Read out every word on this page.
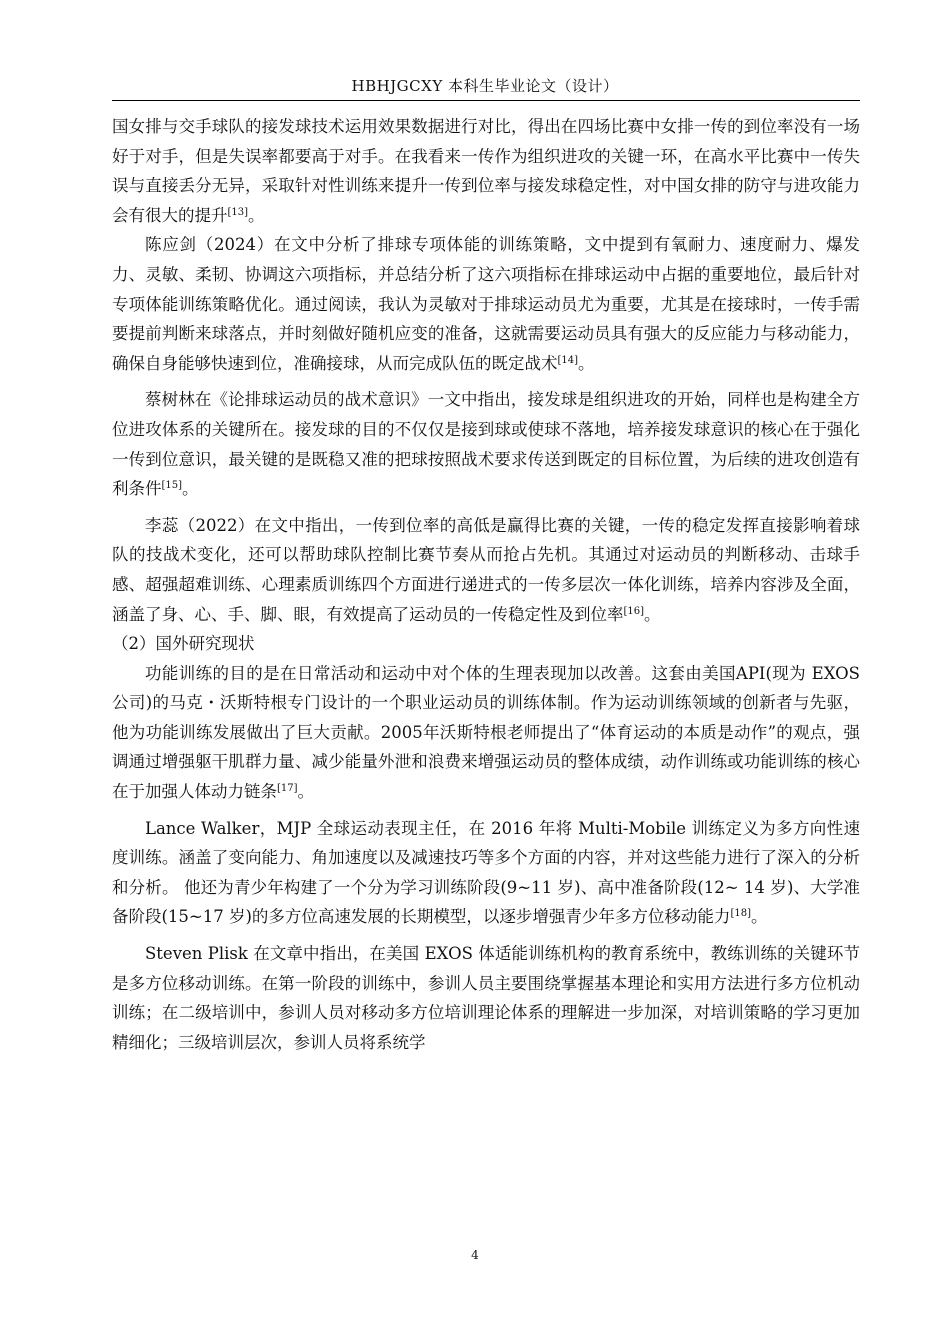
HBHJGCXY 本科生毕业论文（设计）

国女排与交手球队的接发球技术运用效果数据进行对比，得出在四场比赛中女排一传的到位率没有一场好于对手，但是失误率都要高于对手。在我看来一传作为组织进攻的关键一环，在高水平比赛中一传失误与直接丢分无异，采取针对性训练来提升一传到位率与接发球稳定性，对中国女排的防守与进攻能力会有很大的提升[13]。

陈应剑（2024）在文中分析了排球专项体能的训练策略，文中提到有氧耐力、速度耐力、爆发力、灵敏、柔韧、协调这六项指标，并总结分析了这六项指标在排球运动中占据的重要地位，最后针对专项体能训练策略优化。通过阅读，我认为灵敏对于排球运动员尤为重要，尤其是在接球时，一传手需要提前判断来球落点，并时刻做好随机应变的准备，这就需要运动员具有强大的反应能力与移动能力，确保自身能够快速到位，准确接球，从而完成队伍的既定战术[14]。

蔡树林在《论排球运动员的战术意识》一文中指出，接发球是组织进攻的开始，同样也是构建全方位进攻体系的关键所在。接发球的目的不仅仅是接到球或使球不落地，培养接发球意识的核心在于强化一传到位意识，最关键的是既稳又准的把球按照战术要求传送到既定的目标位置，为后续的进攻创造有利条件[15]。

李蕊（2022）在文中指出，一传到位率的高低是赢得比赛的关键，一传的稳定发挥直接影响着球队的技战术变化，还可以帮助球队控制比赛节奏从而抢占先机。其通过对运动员的判断移动、击球手感、超强超难训练、心理素质训练四个方面进行递进式的一传多层次一体化训练，培养内容涉及全面，涵盖了身、心、手、脚、眼，有效提高了运动员的一传稳定性及到位率[16]。

（2）国外研究现状

功能训练的目的是在日常活动和运动中对个体的生理表现加以改善。这套由美国API(现为 EXOS 公司)的马克・沃斯特根专门设计的一个职业运动员的训练体制。作为运动训练领域的创新者与先驱，他为功能训练发展做出了巨大贡献。2005年沃斯特根老师提出了“体育运动的本质是动作”的观点，强调通过增强躯干肌群力量、减少能量外泄和浪费来增强运动员的整体成绩，动作训练或功能训练的核心在于加强人体动力链条[17]。

Lance Walker，MJP 全球运动表现主任，在 2016 年将 Multi-Mobile 训练定义为多方向性速度训练。涵盖了变向能力、角加速度以及减速技巧等多个方面的内容，并对这些能力进行了深入的分析和分析。 他还为青少年构建了一个分为学习训练阶段(9~11 岁)、高中准备阶段(12~ 14 岁)、大学准备阶段(15~17 岁)的多方位高速发展的长期模型，以逐步增强青少年多方位移动能力[18]。

Steven Plisk 在文章中指出，在美国 EXOS 体适能训练机构的教育系统中，教练训练的关键环节是多方位移动训练。在第一阶段的训练中，参训人员主要围绕掌握基本理论和实用方法进行多方位机动训练；在二级培训中，参训人员对移动多方位培训理论体系的理解进一步加深，对培训策略的学习更加精细化；三级培训层次，参训人员将系统学

4
